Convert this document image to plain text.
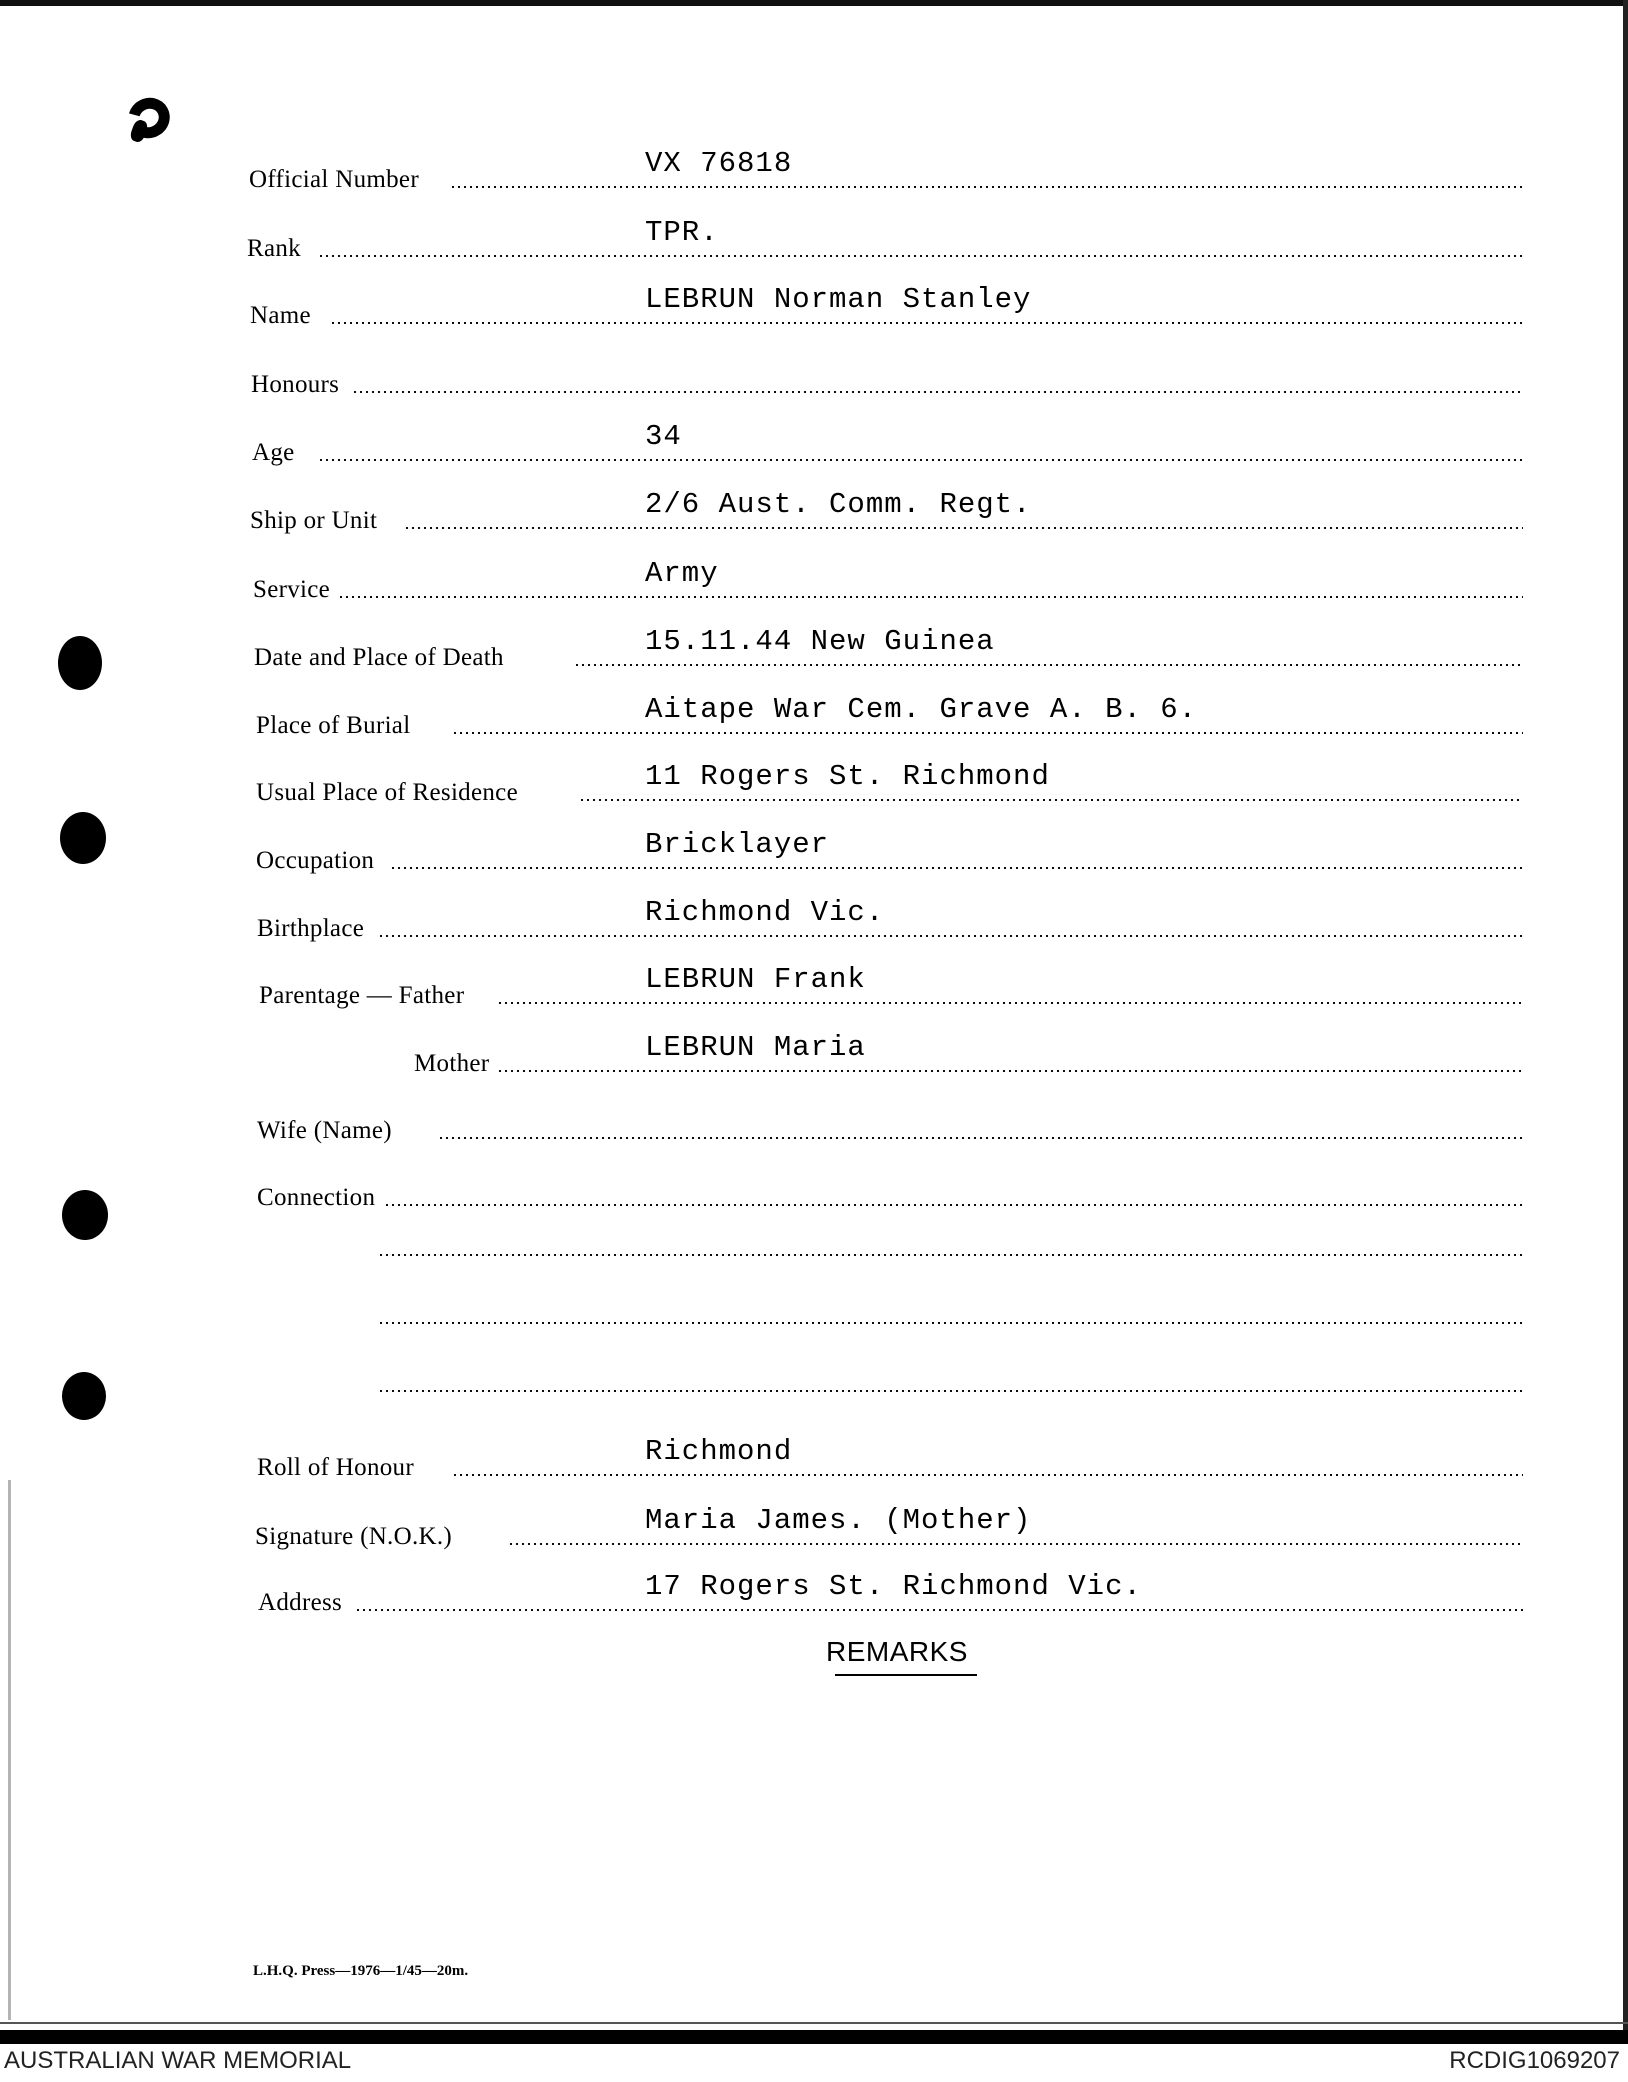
Official Number	VX 76818
Rank	TPR.
Name	LEBRUN Norman Stanley
Honours
Age	34
Ship or Unit	2/6 Aust. Comm. Regt.
Service	Army
Date and Place of Death	15.11.44 New Guinea
Place of Burial	Aitape War Cem. Grave A. B. 6.
Usual Place of Residence	11 Rogers St. Richmond
Occupation	Bricklayer
Birthplace	Richmond Vic.
Parentage — Father	LEBRUN Frank
Mother	LEBRUN Maria
Wife (Name)
Connection
Roll of Honour	Richmond
Signature (N.O.K.)	Maria James. (Mother)
Address	17 Rogers St. Richmond Vic.
REMARKS
L.H.Q. Press—1976—1/45—20m.
AUSTRALIAN WAR MEMORIAL	RCDIG1069207
